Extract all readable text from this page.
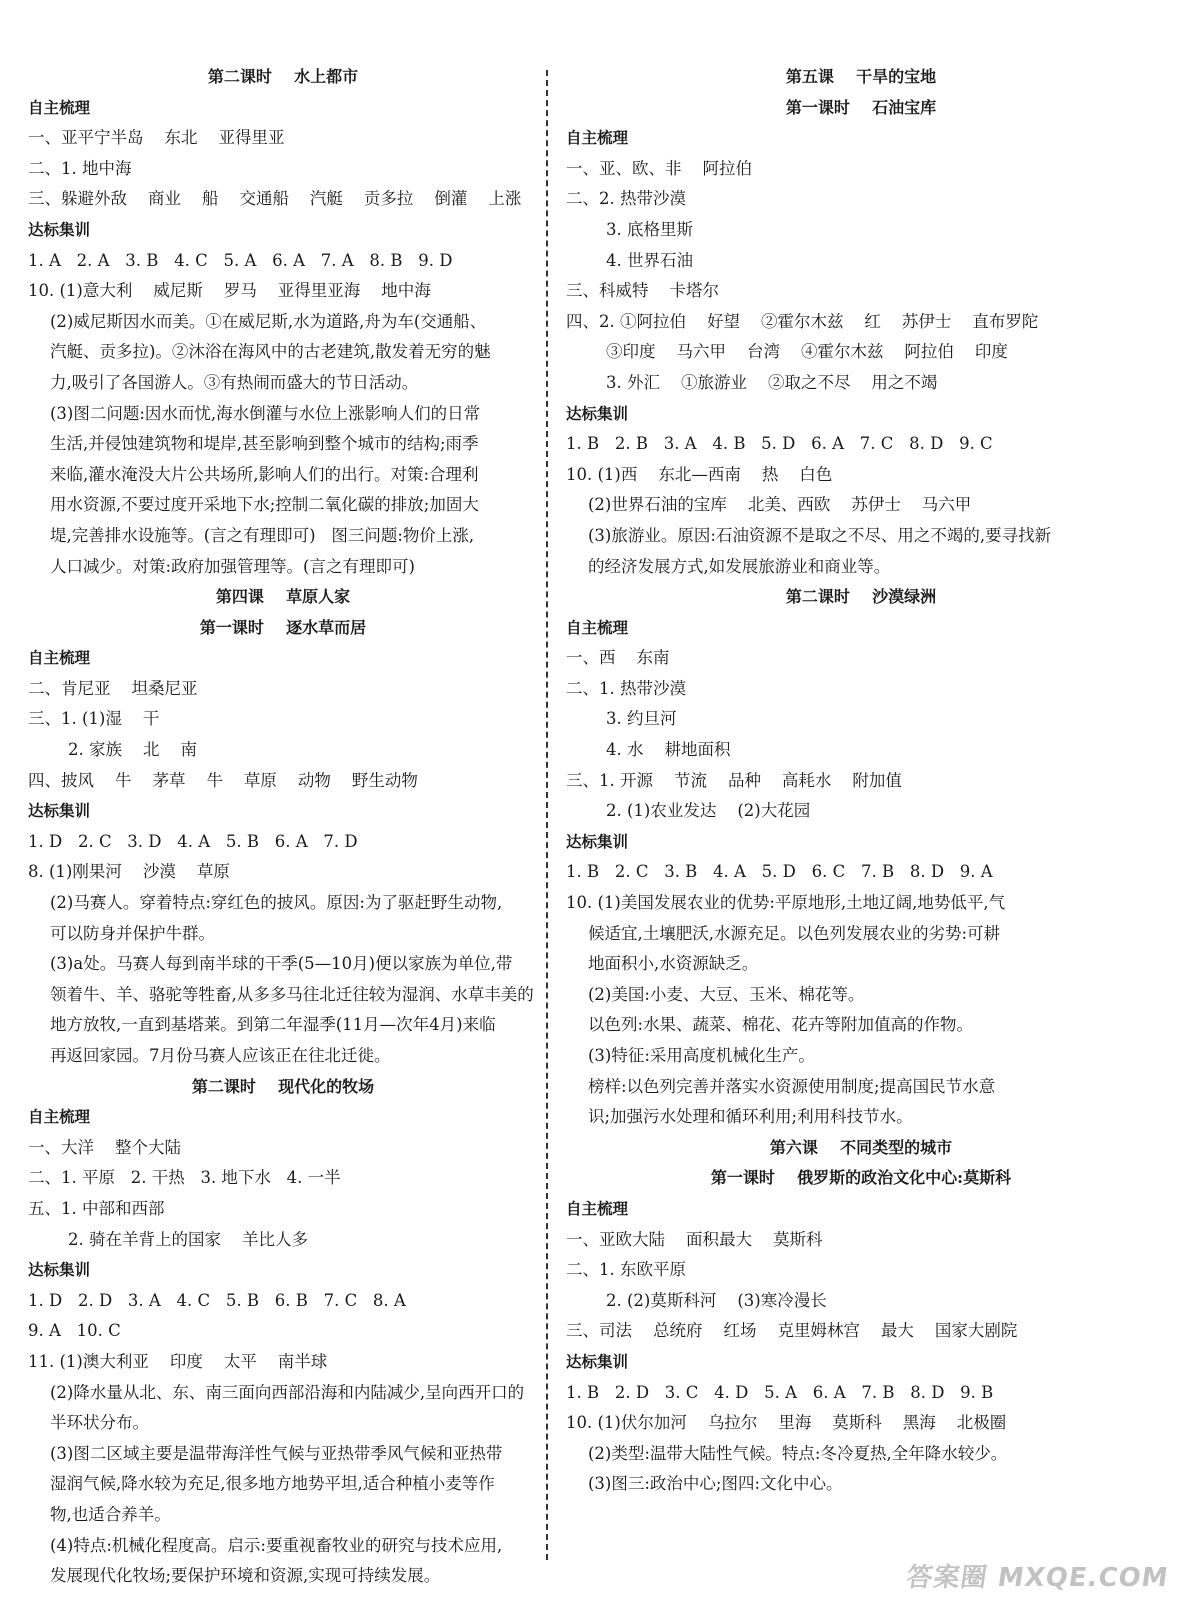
第二课时    水上都市
自主梳理
一、亚平宁半岛    东北    亚得里亚
二、1. 地中海
三、躲避外敌    商业    船    交通船    汽艇    贡多拉    倒灌    上涨
达标集训
1. A   2. A   3. B   4. C   5. A   6. A   7. A   8. B   9. D
10. (1)意大利    威尼斯    罗马    亚得里亚海    地中海
(2)威尼斯因水而美。①在威尼斯,水为道路,舟为车(交通船、
汽艇、贡多拉)。②沐浴在海风中的古老建筑,散发着无穷的魅
力,吸引了各国游人。③有热闹而盛大的节日活动。
(3)图二问题:因水而忧,海水倒灌与水位上涨影响人们的日常
生活,并侵蚀建筑物和堤岸,甚至影响到整个城市的结构;雨季
来临,灌水淹没大片公共场所,影响人们的出行。对策:合理利
用水资源,不要过度开采地下水;控制二氧化碳的排放;加固大
堤,完善排水设施等。(言之有理即可)   图三问题:物价上涨,
人口减少。对策:政府加强管理等。(言之有理即可)
第四课    草原人家
第一课时    逐水草而居
自主梳理
二、肯尼亚    坦桑尼亚
三、1. (1)湿    干
2. 家族    北    南
四、披风    牛    茅草    牛    草原    动物    野生动物
达标集训
1. D   2. C   3. D   4. A   5. B   6. A   7. D
8. (1)刚果河    沙漠    草原
(2)马赛人。穿着特点:穿红色的披风。原因:为了驱赶野生动物,
可以防身并保护牛群。
(3)a处。马赛人每到南半球的干季(5—10月)便以家族为单位,带
领着牛、羊、骆驼等牲畜,从多多马往北迁往较为湿润、水草丰美的
地方放牧,一直到基塔莱。到第二年湿季(11月—次年4月)来临
再返回家园。7月份马赛人应该正在往北迁徙。
第二课时    现代化的牧场
自主梳理
一、大洋    整个大陆
二、1. 平原   2. 干热   3. 地下水   4. 一半
五、1. 中部和西部
2. 骑在羊背上的国家    羊比人多
达标集训
1. D   2. D   3. A   4. C   5. B   6. B   7. C   8. A
9. A   10. C
11. (1)澳大利亚    印度    太平    南半球
(2)降水量从北、东、南三面向西部沿海和内陆减少,呈向西开口的
半环状分布。
(3)图二区域主要是温带海洋性气候与亚热带季风气候和亚热带
湿润气候,降水较为充足,很多地方地势平坦,适合种植小麦等作
物,也适合养羊。
(4)特点:机械化程度高。启示:要重视畜牧业的研究与技术应用,
发展现代化牧场;要保护环境和资源,实现可持续发展。
第五课    干旱的宝地
第一课时    石油宝库
自主梳理
一、亚、欧、非    阿拉伯
二、2. 热带沙漠
3. 底格里斯
4. 世界石油
三、科威特    卡塔尔
四、2. ①阿拉伯    好望    ②霍尔木兹    红    苏伊士    直布罗陀
③印度    马六甲    台湾    ④霍尔木兹    阿拉伯    印度
3. 外汇    ①旅游业    ②取之不尽    用之不竭
达标集训
1. B   2. B   3. A   4. B   5. D   6. A   7. C   8. D   9. C
10. (1)西    东北—西南    热    白色
(2)世界石油的宝库    北美、西欧    苏伊士    马六甲
(3)旅游业。原因:石油资源不是取之不尽、用之不竭的,要寻找新
的经济发展方式,如发展旅游业和商业等。
第二课时    沙漠绿洲
自主梳理
一、西    东南
二、1. 热带沙漠
3. 约旦河
4. 水    耕地面积
三、1. 开源    节流    品种    高耗水    附加值
2. (1)农业发达    (2)大花园
达标集训
1. B   2. C   3. B   4. A   5. D   6. C   7. B   8. D   9. A
10. (1)美国发展农业的优势:平原地形,土地辽阔,地势低平,气
候适宜,土壤肥沃,水源充足。以色列发展农业的劣势:可耕
地面积小,水资源缺乏。
(2)美国:小麦、大豆、玉米、棉花等。
以色列:水果、蔬菜、棉花、花卉等附加值高的作物。
(3)特征:采用高度机械化生产。
榜样:以色列完善并落实水资源使用制度;提高国民节水意
识;加强污水处理和循环利用;利用科技节水。
第六课    不同类型的城市
第一课时    俄罗斯的政治文化中心:莫斯科
自主梳理
一、亚欧大陆    面积最大    莫斯科
二、1. 东欧平原
2. (2)莫斯科河    (3)寒冷漫长
三、司法    总统府    红场    克里姆林宫    最大    国家大剧院
达标集训
1. B   2. D   3. C   4. D   5. A   6. A   7. B   8. D   9. B
10. (1)伏尔加河    乌拉尔    里海    莫斯科    黑海    北极圈
(2)类型:温带大陆性气候。特点:冬冷夏热,全年降水较少。
(3)图三:政治中心;图四:文化中心。
答案圈 MXQE.COM
